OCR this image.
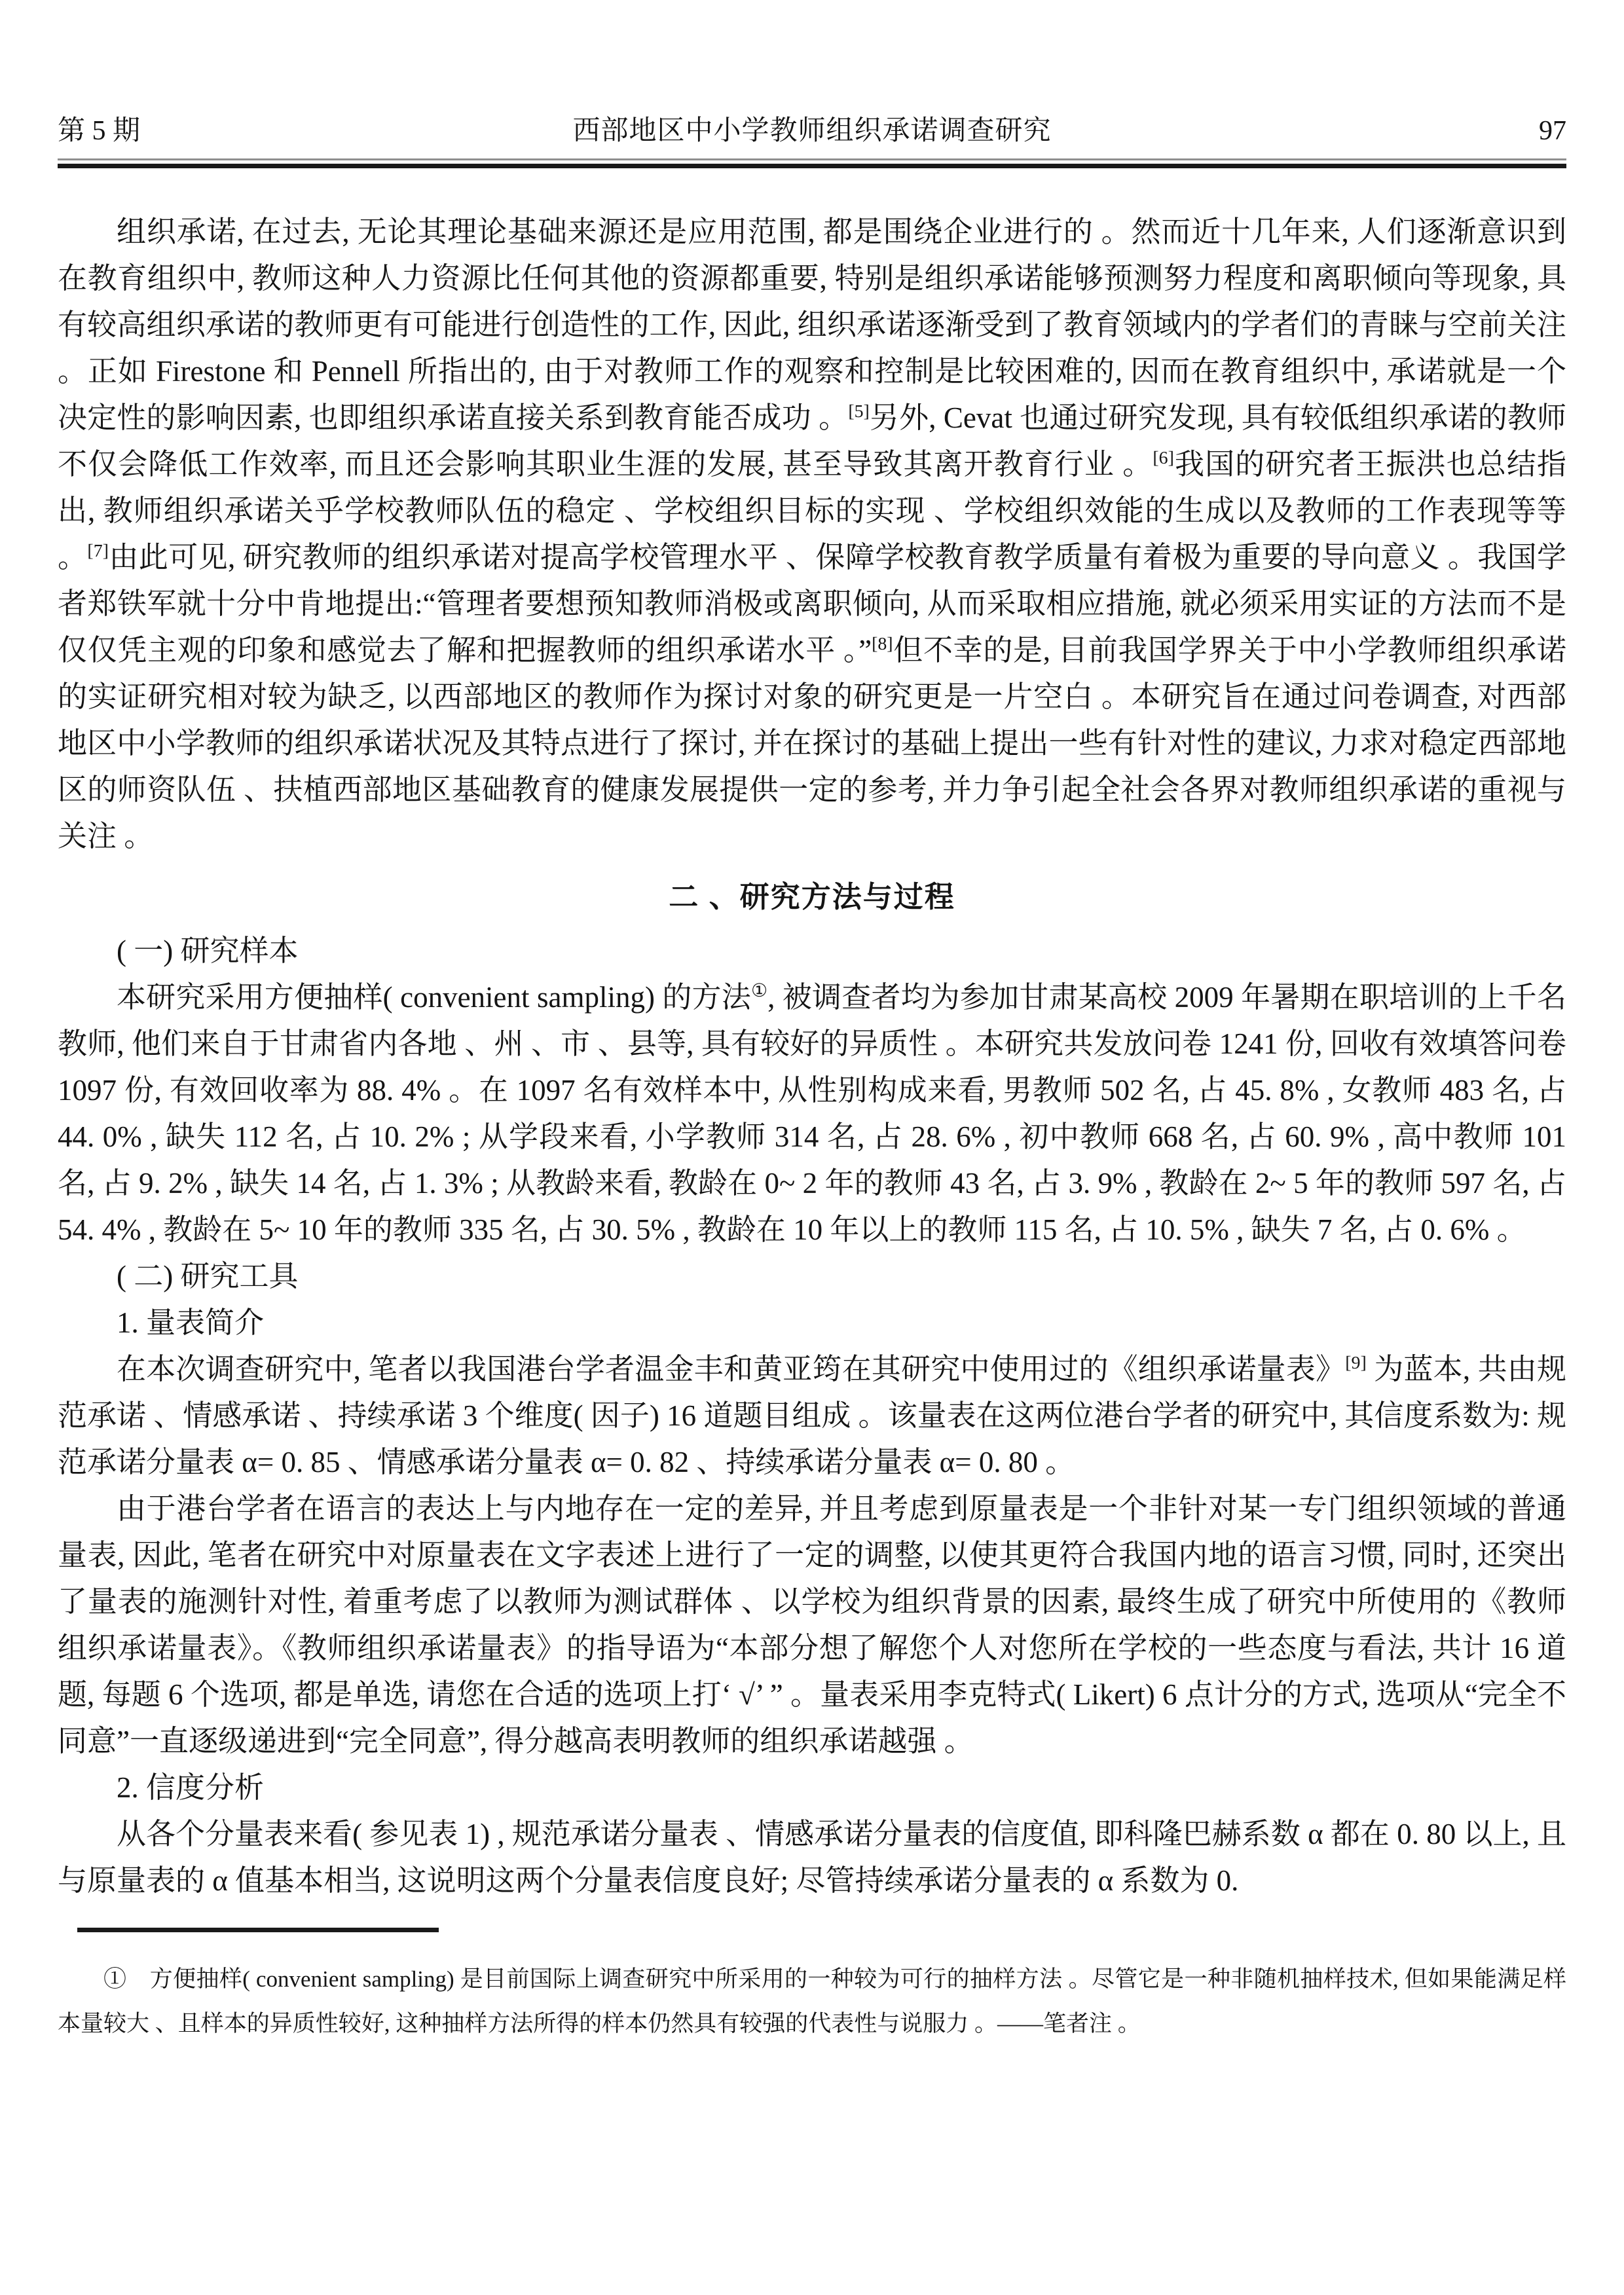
第 5 期	西部地区中小学教师组织承诺调查研究	97

组织承诺, 在过去, 无论其理论基础来源还是应用范围, 都是围绕企业进行的 。然而近十几年来, 人们逐渐意识到在教育组织中, 教师这种人力资源比任何其他的资源都重要, 特别是组织承诺能够预测努力程度和离职倾向等现象, 具有较高组织承诺的教师更有可能进行创造性的工作, 因此, 组织承诺逐渐受到了教育领域内的学者们的青睐与空前关注 。正如 Firestone 和 Pennell 所指出的, 由于对教师工作的观察和控制是比较困难的, 因而在教育组织中, 承诺就是一个决定性的影响因素, 也即组织承诺直接关系到教育能否成功 。[5]另外, Cevat 也通过研究发现, 具有较低组织承诺的教师不仅会降低工作效率, 而且还会影响其职业生涯的发展, 甚至导致其离开教育行业 。[6]我国的研究者王振洪也总结指出, 教师组织承诺关乎学校教师队伍的稳定 、学校组织目标的实现 、学校组织效能的生成以及教师的工作表现等等 。[7]由此可见, 研究教师的组织承诺对提高学校管理水平 、保障学校教育教学质量有着极为重要的导向意义 。我国学者郑铁军就十分中肯地提出:“管理者要想预知教师消极或离职倾向, 从而采取相应措施, 就必须采用实证的方法而不是仅仅凭主观的印象和感觉去了解和把握教师的组织承诺水平 。”[8]但不幸的是, 目前我国学界关于中小学教师组织承诺的实证研究相对较为缺乏, 以西部地区的教师作为探讨对象的研究更是一片空白 。本研究旨在通过问卷调查, 对西部地区中小学教师的组织承诺状况及其特点进行了探讨, 并在探讨的基础上提出一些有针对性的建议, 力求对稳定西部地区的师资队伍 、扶植西部地区基础教育的健康发展提供一定的参考, 并力争引起全社会各界对教师组织承诺的重视与关注 。

二 、研究方法与过程

( 一) 研究样本

本研究采用方便抽样( convenient sampling) 的方法①, 被调查者均为参加甘肃某高校 2009 年暑期在职培训的上千名教师, 他们来自于甘肃省内各地 、州 、市 、县等, 具有较好的异质性 。本研究共发放问卷 1241 份, 回收有效填答问卷 1097 份, 有效回收率为 88. 4% 。在 1097 名有效样本中, 从性别构成来看, 男教师 502 名, 占 45. 8% , 女教师 483 名, 占 44. 0% , 缺失 112 名, 占 10. 2% ; 从学段来看, 小学教师 314 名, 占 28. 6% , 初中教师 668 名, 占 60. 9% , 高中教师 101 名, 占 9. 2% , 缺失 14 名, 占 1. 3% ; 从教龄来看, 教龄在 0~ 2 年的教师 43 名, 占 3. 9% , 教龄在 2~ 5 年的教师 597 名, 占 54. 4% , 教龄在 5~ 10 年的教师 335 名, 占 30. 5% , 教龄在 10 年以上的教师 115 名, 占 10. 5% , 缺失 7 名, 占 0. 6% 。

( 二) 研究工具

1. 量表简介

在本次调查研究中, 笔者以我国港台学者温金丰和黄亚筠在其研究中使用过的《组织承诺量表》[9] 为蓝本, 共由规范承诺 、情感承诺 、持续承诺 3 个维度( 因子) 16 道题目组成 。该量表在这两位港台学者的研究中, 其信度系数为: 规范承诺分量表 α= 0. 85 、情感承诺分量表 α= 0. 82 、持续承诺分量表 α= 0. 80 。

由于港台学者在语言的表达上与内地存在一定的差异, 并且考虑到原量表是一个非针对某一专门组织领域的普通量表, 因此, 笔者在研究中对原量表在文字表述上进行了一定的调整, 以使其更符合我国内地的语言习惯, 同时, 还突出了量表的施测针对性, 着重考虑了以教师为测试群体 、以学校为组织背景的因素, 最终生成了研究中所使用的《教师组织承诺量表》。《教师组织承诺量表》的指导语为“本部分想了解您个人对您所在学校的一些态度与看法, 共计 16 道题, 每题 6 个选项, 都是单选, 请您在合适的选项上打‘ √’ ” 。量表采用李克特式( Likert) 6 点计分的方式, 选项从“完全不同意”一直逐级递进到“完全同意”, 得分越高表明教师的组织承诺越强 。

2. 信度分析

从各个分量表来看( 参见表 1) , 规范承诺分量表 、情感承诺分量表的信度值, 即科隆巴赫系数 α 都在 0. 80 以上, 且与原量表的 α 值基本相当, 这说明这两个分量表信度良好; 尽管持续承诺分量表的 α 系数为 0.

①  方便抽样( convenient sampling) 是目前国际上调查研究中所采用的一种较为可行的抽样方法 。尽管它是一种非随机抽样技术, 但如果能满足样本量较大 、且样本的异质性较好, 这种抽样方法所得的样本仍然具有较强的代表性与说服力 。——笔者注 。
